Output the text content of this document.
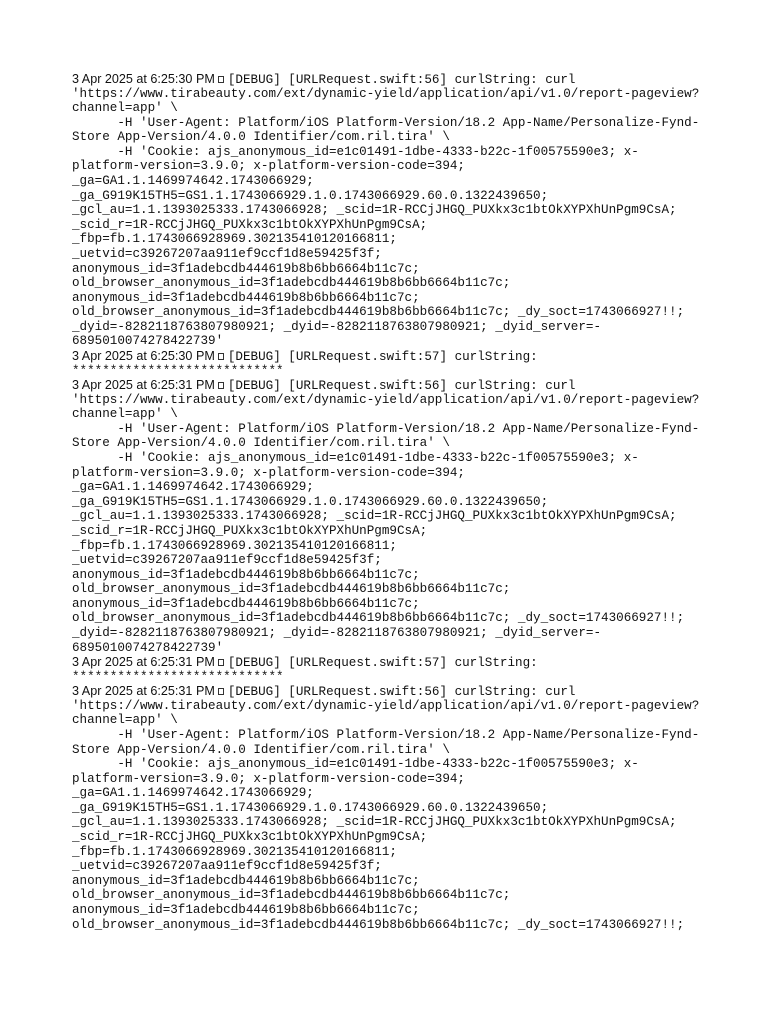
3 Apr 2025 at 6:25:30 PM [DEBUG] [URLRequest.swift:56] curlString: curl
'https://www.tirabeauty.com/ext/dynamic-yield/application/api/v1.0/report-pageview?
channel=app' \
-H 'User-Agent: Platform/iOS Platform-Version/18.2 App-Name/Personalize-Fynd-
Store App-Version/4.0.0 Identifier/com.ril.tira' \
-H 'Cookie: ajs_anonymous_id=e1c01491-1dbe-4333-b22c-1f00575590e3; x-
platform-version=3.9.0; x-platform-version-code=394;
_ga=GA1.1.1469974642.1743066929;
_ga_G919K15TH5=GS1.1.1743066929.1.0.1743066929.60.0.1322439650;
_gcl_au=1.1.1393025333.1743066928; _scid=1R-RCCjJHGQ_PUXkx3c1btOkXYPXhUnPgm9CsA;
_scid_r=1R-RCCjJHGQ_PUXkx3c1btOkXYPXhUnPgm9CsA;
_fbp=fb.1.1743066928969.302135410120166811;
_uetvid=c39267207aa911ef9ccf1d8e59425f3f;
anonymous_id=3f1adebcdb444619b8b6bb6664b11c7c;
old_browser_anonymous_id=3f1adebcdb444619b8b6bb6664b11c7c;
anonymous_id=3f1adebcdb444619b8b6bb6664b11c7c;
old_browser_anonymous_id=3f1adebcdb444619b8b6bb6664b11c7c; _dy_soct=1743066927!!;
_dyid=-8282118763807980921; _dyid=-8282118763807980921; _dyid_server=-
6895010074278422739'
3 Apr 2025 at 6:25:30 PM [DEBUG] [URLRequest.swift:57] curlString:
****************************
3 Apr 2025 at 6:25:31 PM [DEBUG] [URLRequest.swift:56] curlString: curl
'https://www.tirabeauty.com/ext/dynamic-yield/application/api/v1.0/report-pageview?
channel=app' \
-H 'User-Agent: Platform/iOS Platform-Version/18.2 App-Name/Personalize-Fynd-
Store App-Version/4.0.0 Identifier/com.ril.tira' \
-H 'Cookie: ajs_anonymous_id=e1c01491-1dbe-4333-b22c-1f00575590e3; x-
platform-version=3.9.0; x-platform-version-code=394;
_ga=GA1.1.1469974642.1743066929;
_ga_G919K15TH5=GS1.1.1743066929.1.0.1743066929.60.0.1322439650;
_gcl_au=1.1.1393025333.1743066928; _scid=1R-RCCjJHGQ_PUXkx3c1btOkXYPXhUnPgm9CsA;
_scid_r=1R-RCCjJHGQ_PUXkx3c1btOkXYPXhUnPgm9CsA;
_fbp=fb.1.1743066928969.302135410120166811;
_uetvid=c39267207aa911ef9ccf1d8e59425f3f;
anonymous_id=3f1adebcdb444619b8b6bb6664b11c7c;
old_browser_anonymous_id=3f1adebcdb444619b8b6bb6664b11c7c;
anonymous_id=3f1adebcdb444619b8b6bb6664b11c7c;
old_browser_anonymous_id=3f1adebcdb444619b8b6bb6664b11c7c; _dy_soct=1743066927!!;
_dyid=-8282118763807980921; _dyid=-8282118763807980921; _dyid_server=-
6895010074278422739'
3 Apr 2025 at 6:25:31 PM [DEBUG] [URLRequest.swift:57] curlString:
****************************
3 Apr 2025 at 6:25:31 PM [DEBUG] [URLRequest.swift:56] curlString: curl
'https://www.tirabeauty.com/ext/dynamic-yield/application/api/v1.0/report-pageview?
channel=app' \
-H 'User-Agent: Platform/iOS Platform-Version/18.2 App-Name/Personalize-Fynd-
Store App-Version/4.0.0 Identifier/com.ril.tira' \
-H 'Cookie: ajs_anonymous_id=e1c01491-1dbe-4333-b22c-1f00575590e3; x-
platform-version=3.9.0; x-platform-version-code=394;
_ga=GA1.1.1469974642.1743066929;
_ga_G919K15TH5=GS1.1.1743066929.1.0.1743066929.60.0.1322439650;
_gcl_au=1.1.1393025333.1743066928; _scid=1R-RCCjJHGQ_PUXkx3c1btOkXYPXhUnPgm9CsA;
_scid_r=1R-RCCjJHGQ_PUXkx3c1btOkXYPXhUnPgm9CsA;
_fbp=fb.1.1743066928969.302135410120166811;
_uetvid=c39267207aa911ef9ccf1d8e59425f3f;
anonymous_id=3f1adebcdb444619b8b6bb6664b11c7c;
old_browser_anonymous_id=3f1adebcdb444619b8b6bb6664b11c7c;
anonymous_id=3f1adebcdb444619b8b6bb6664b11c7c;
old_browser_anonymous_id=3f1adebcdb444619b8b6bb6664b11c7c; _dy_soct=1743066927!!;
